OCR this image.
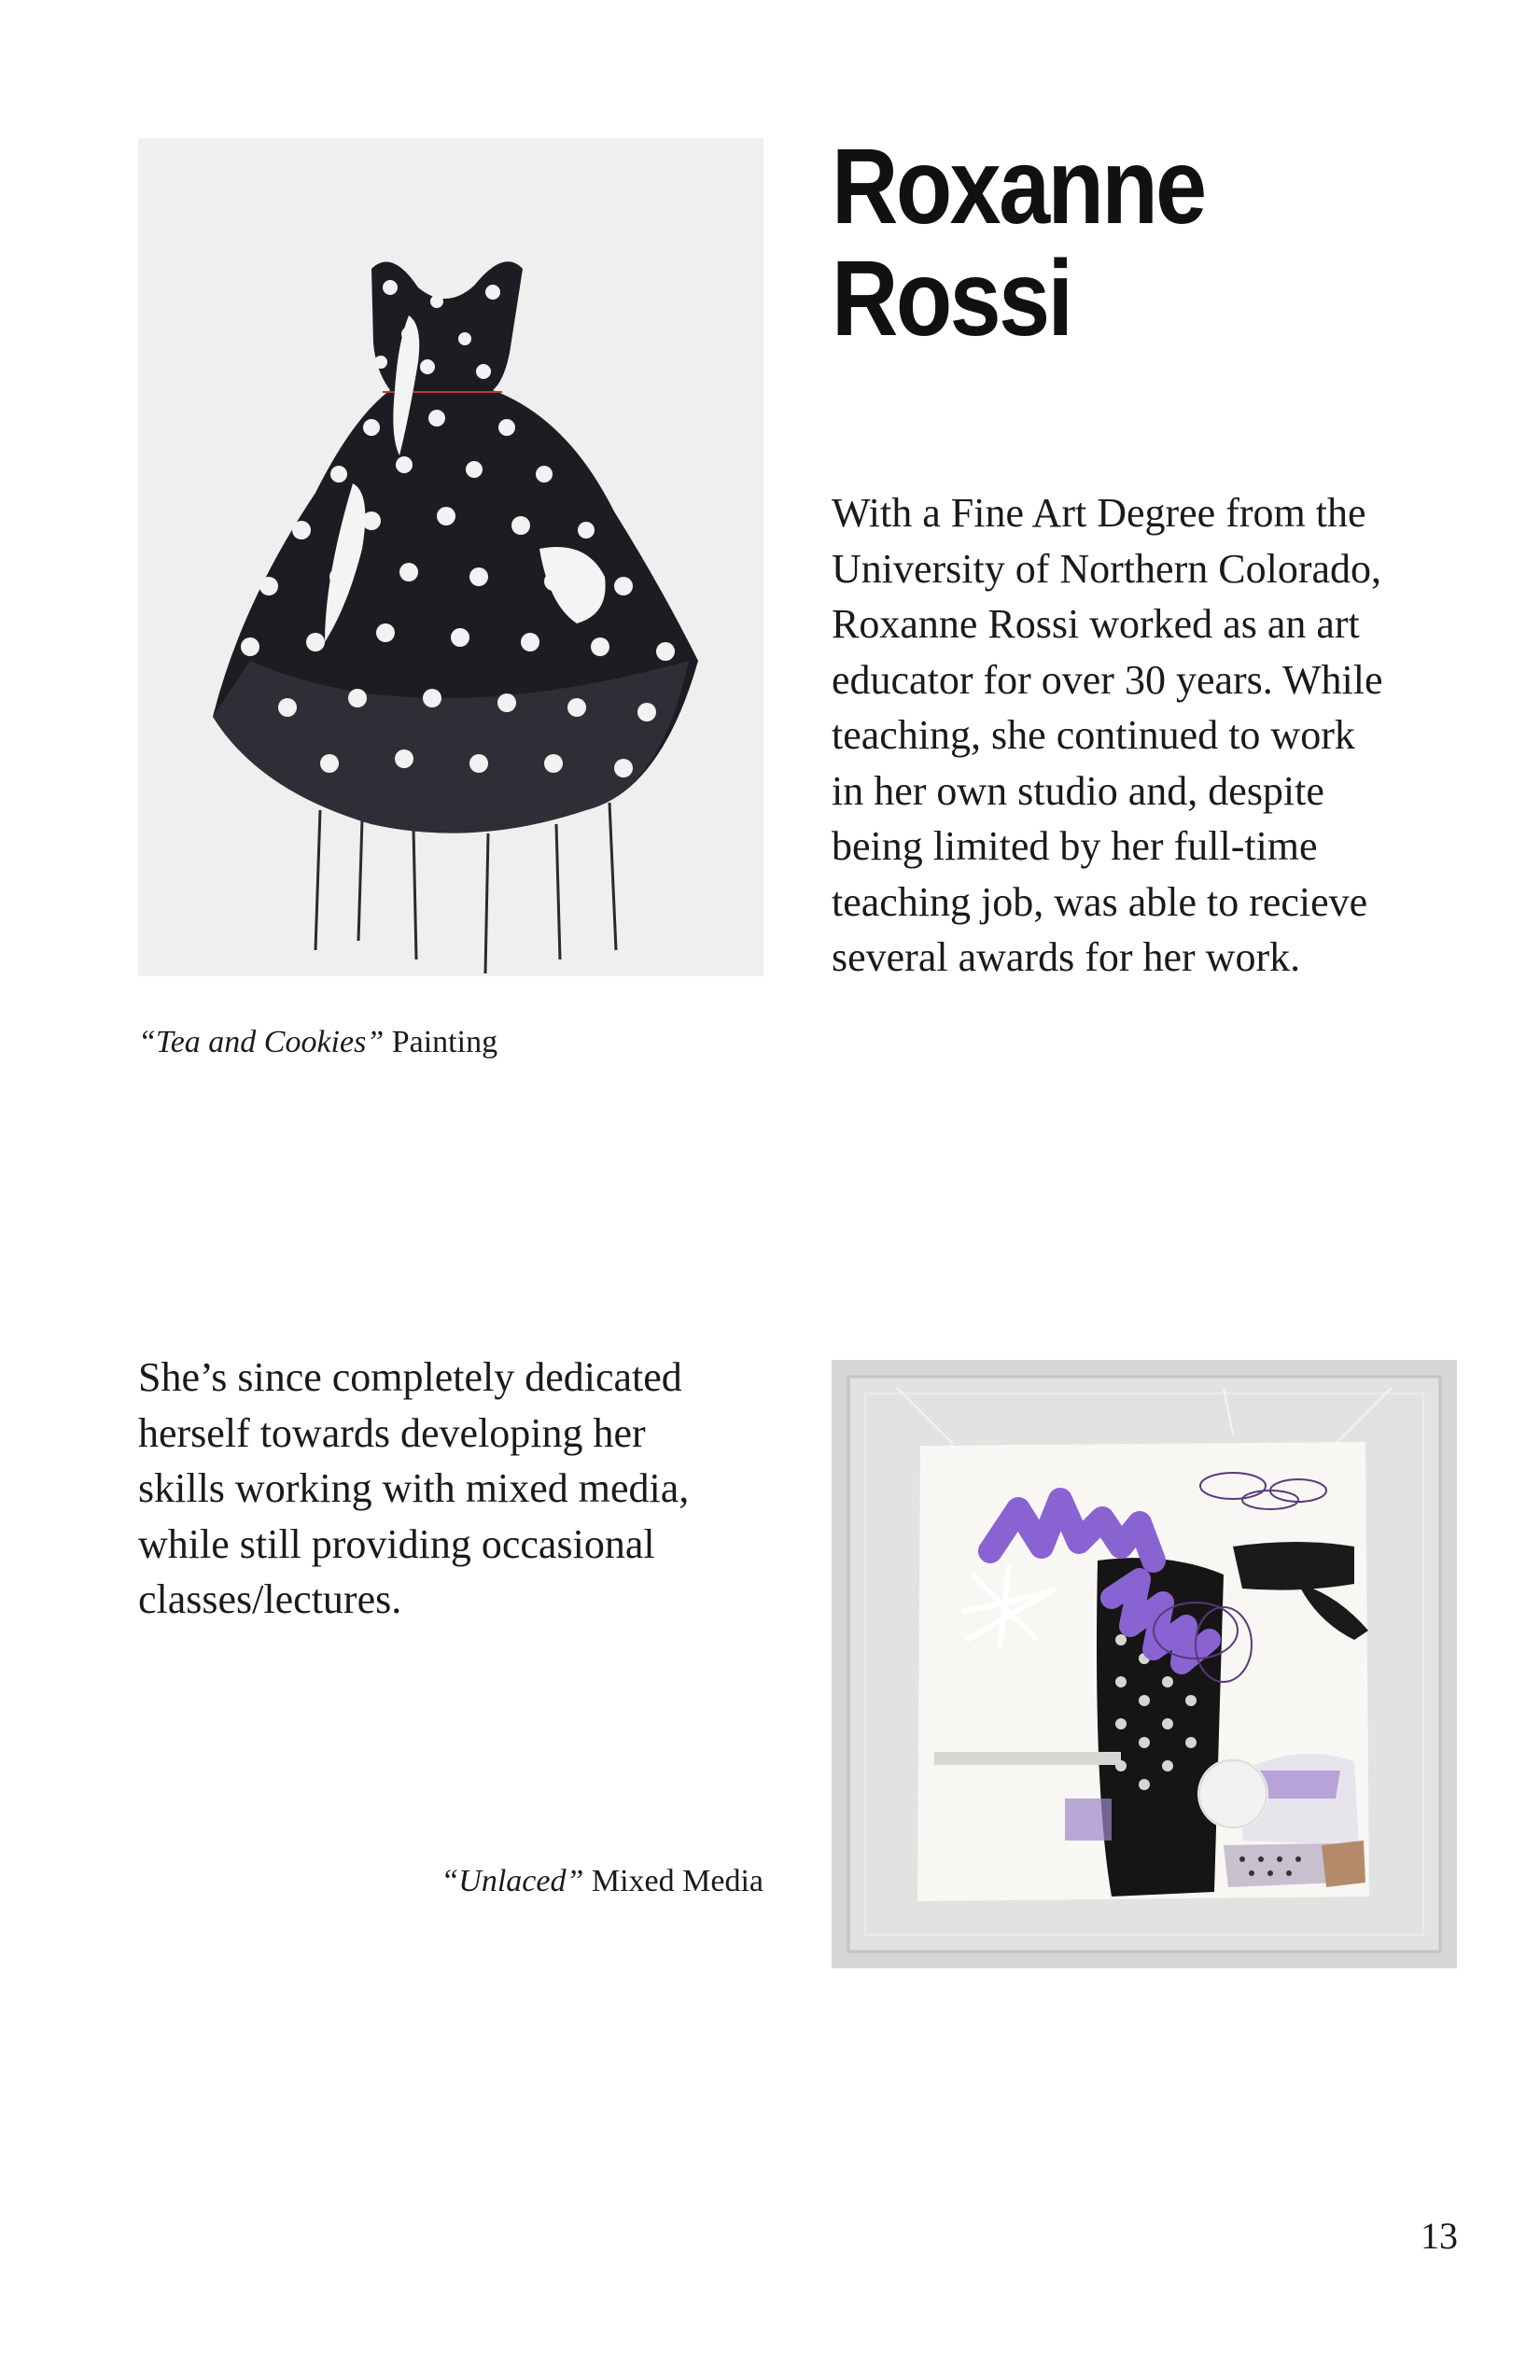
“Tea and Cookies” Painting
Roxanne
Rossi
With a Fine Art Degree from the
University of Northern Colorado,
Roxanne Rossi worked as an art
educator for over 30 years. While
teaching, she continued to work
in her own studio and, despite
being limited by her full-time
teaching job, was able to recieve
several awards for her work.
She’s since completely dedicated
herself towards developing her
skills working with mixed media,
while still providing occasional
classes/lectures.
“Unlaced” Mixed Media
13
